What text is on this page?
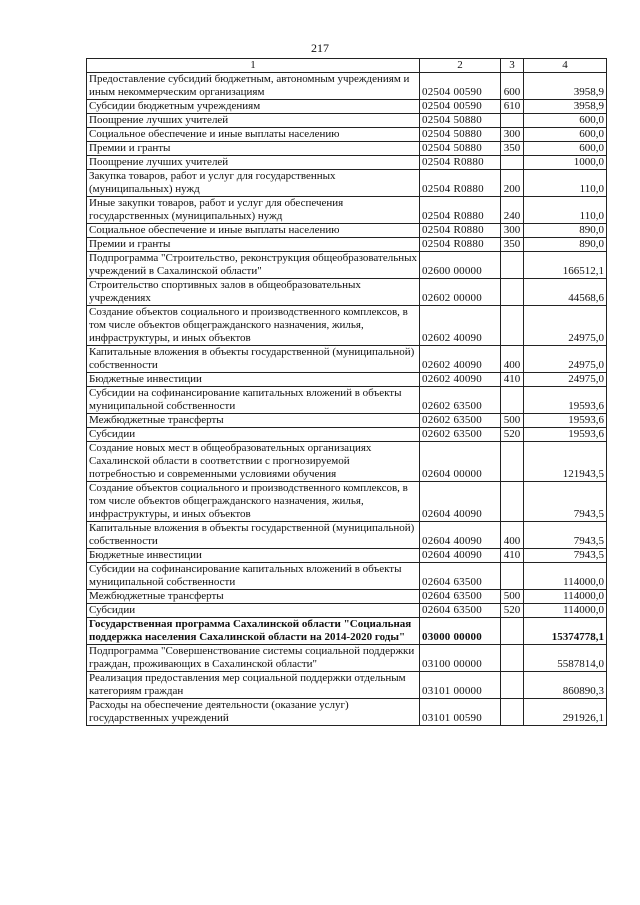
217
1	2	3	4
Предоставление субсидий бюджетным, автономным учреждениям и иным некоммерческим организациям	02504 00590	600	3958,9
Субсидии бюджетным учреждениям	02504 00590	610	3958,9
Поощрение лучших учителей	02504 50880		600,0
Социальное обеспечение и иные выплаты населению	02504 50880	300	600,0
Премии и гранты	02504 50880	350	600,0
Поощрение лучших учителей	02504 R0880		1000,0
Закупка товаров, работ и услуг для государственных (муниципальных) нужд	02504 R0880	200	110,0
Иные закупки товаров, работ и услуг для обеспечения государственных (муниципальных) нужд	02504 R0880	240	110,0
Социальное обеспечение и иные выплаты населению	02504 R0880	300	890,0
Премии и гранты	02504 R0880	350	890,0
Подпрограмма "Строительство, реконструкция общеобразовательных учреждений в Сахалинской области"	02600 00000		166512,1
Строительство спортивных залов в общеобразовательных учреждениях	02602 00000		44568,6
Создание объектов социального и производственного комплексов, в том числе объектов общегражданского назначения, жилья, инфраструктуры, и иных объектов	02602 40090		24975,0
Капитальные вложения в объекты государственной (муниципальной) собственности	02602 40090	400	24975,0
Бюджетные инвестиции	02602 40090	410	24975,0
Субсидии на софинансирование капитальных вложений в объекты муниципальной собственности	02602 63500		19593,6
Межбюджетные трансферты	02602 63500	500	19593,6
Субсидии	02602 63500	520	19593,6
Создание новых мест в общеобразовательных организациях Сахалинской области в соответствии с прогнозируемой потребностью и современными условиями обучения	02604 00000		121943,5
Создание объектов социального и производственного комплексов, в том числе объектов общегражданского назначения, жилья, инфраструктуры, и иных объектов	02604 40090		7943,5
Капитальные вложения в объекты государственной (муниципальной) собственности	02604 40090	400	7943,5
Бюджетные инвестиции	02604 40090	410	7943,5
Субсидии на софинансирование капитальных вложений в объекты муниципальной собственности	02604 63500		114000,0
Межбюджетные трансферты	02604 63500	500	114000,0
Субсидии	02604 63500	520	114000,0
Государственная программа Сахалинской области "Социальная поддержка населения Сахалинской области на 2014-2020 годы"	03000 00000		15374778,1
Подпрограмма "Совершенствование системы социальной поддержки граждан, проживающих в Сахалинской области"	03100 00000		5587814,0
Реализация предоставления мер социальной поддержки отдельным категориям граждан	03101 00000		860890,3
Расходы на обеспечение деятельности (оказание услуг) государственных учреждений	03101 00590		291926,1
